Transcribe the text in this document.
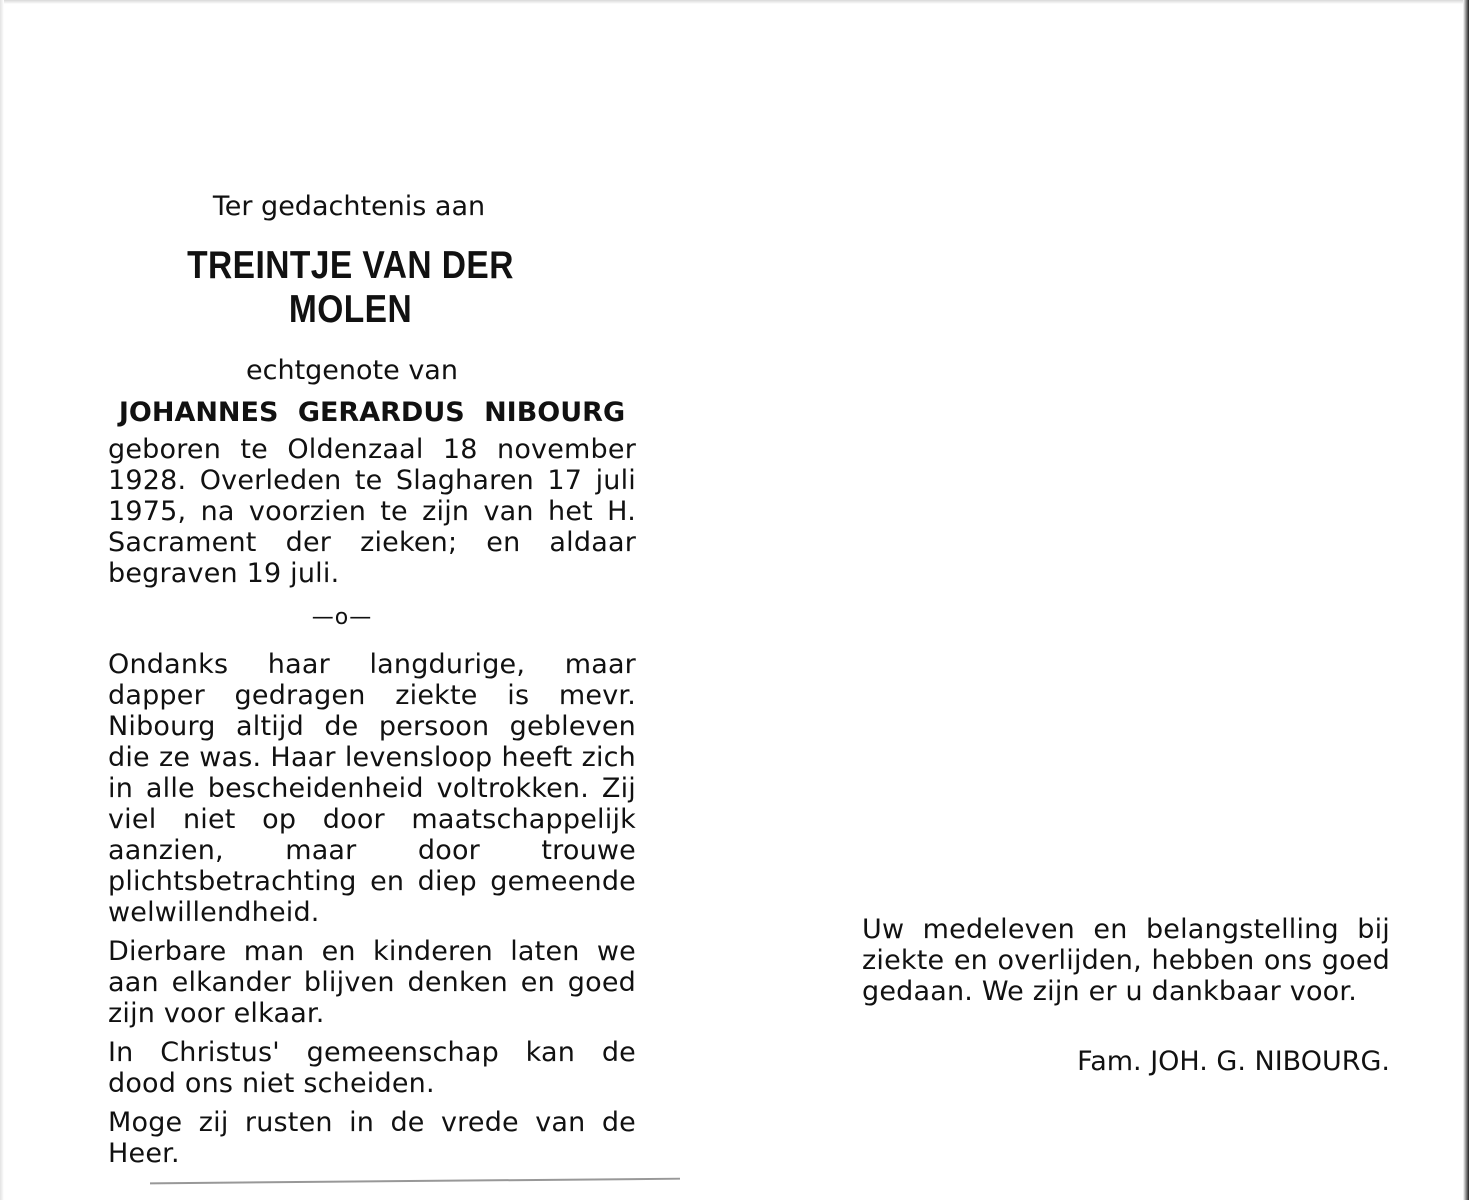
Ter gedachtenis aan

TREINTJE VAN DER MOLEN

echtgenote van

JOHANNES GERARDUS NIBOURG

geboren te Oldenzaal 18 november 1928. Overleden te Slagharen 17 juli 1975, na voorzien te zijn van het H. Sacrament der zieken; en aldaar begraven 19 juli.

—o—

Ondanks haar langdurige, maar dapper gedragen ziekte is mevr. Nibourg altijd de persoon gebleven die ze was. Haar levensloop heeft zich in alle bescheidenheid voltrokken. Zij viel niet op door maatschappelijk aanzien, maar door trouwe plichtsbetrachting en diep gemeende welwillendheid.

Dierbare man en kinderen laten we aan elkander blijven denken en goed zijn voor elkaar.

In Christus' gemeenschap kan de dood ons niet scheiden.

Moge zij rusten in de vrede van de Heer.

Uw medeleven en belangstelling bij ziekte en overlijden, hebben ons goed gedaan. We zijn er u dankbaar voor.

Fam. JOH. G. NIBOURG.
